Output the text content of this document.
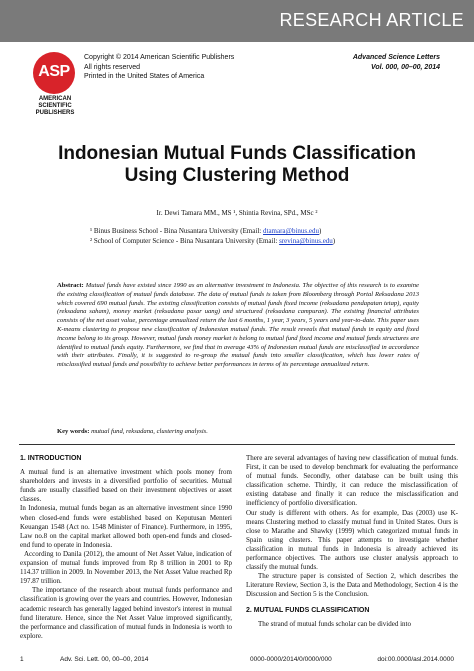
RESEARCH ARTICLE
ASP
AMERICAN
SCIENTIFIC
PUBLISHERS
Copyright © 2014 American Scientific Publishers
All rights reserved
Printed in the United States of America
Advanced Science Letters
Vol. 000, 00–00, 2014
Indonesian Mutual Funds Classification
Using Clustering Method
Ir. Dewi Tamara MM., MS ¹, Shintia Revina, SPd., MSc ²
¹ Binus Business School - Bina Nusantara University (Email: dtamara@binus.edu)
² School of Computer Science - Bina Nusantara University (Email: srevina@binus.edu)
Abstract: Mutual funds have existed since 1990 as an alternative investment in Indonesia. The objective of this research is to examine the existing classification of mutual funds database. The data of mutual funds is taken from Bloomberg through Portal Reksadana 2013 which covered 690 mutual funds. The existing classification consists of mutual funds fixed income (reksadana pendapatan tetap), equity (reksadana saham), money market (reksadana pasar uang) and structured (reksadana campuran). The existing financial attributes consists of the net asset value, percentage annualized return the last 6 months, 1 year, 3 years, 5 years and year-to-date. This paper uses K-means clustering to propose new classification of Indonesian mutual funds. The result reveals that mutual funds in equity and fixed income belong to its group. However, mutual funds money market is belong to mutual fund fixed income and mutual funds structures are identified to mutual funds equity. Furthermore, we find that in average 43% of Indonesian mutual funds are misclassified in accordance with their attributes. Finally, it is suggested to re-group the mutual funds into smaller classification, which has lower rates of misclassified mutual funds and possibility to achieve better performances in terms of its percentage annualized return.
Key words: mutual fund, reksadana, clustering analysis.
1. INTRODUCTION

A mutual fund is an alternative investment which pools money from shareholders and invests in a diversified portfolio of securities. Mutual funds are usually classified based on their investment objectives or asset classes.

In Indonesia, mutual funds began as an alternative investment since 1990 when closed-end funds were established based on Keputusan Menteri Keuangan 1548 (Act no. 1548 Minister of Finance). Furthermore, in 1995, Law no.8 on the capital market allowed both open-end funds and closed-end fund to operate in Indonesia.

According to Danila (2012), the amount of Net Asset Value, indication of expansion of mutual funds improved from Rp 8 trillion in 2001 to Rp 114.37 trillion in 2009. In November 2013, the Net Asset Value reached Rp 197.87 trillion.

The importance of the research about mutual funds performance and classification is growing over the years and countries. However, Indonesian academic research has generally lagged behind investor's interest in mutual fund literature. Hence, since the Net Asset Value improved significantly, the performance and classification of mutual funds in Indonesia is worth to explore.

There are several advantages of having new classification of mutual funds. First, it can be used to develop benchmark for evaluating the performance of mutual funds. Secondly, other database can be built using this classification scheme. Thirdly, it can reduce the misclassification of existing database and finally it can reduce the misclassification and inefficiency of portfolio diversification.

Our study is different with others. As for example, Das (2003) use K-means Clustering method to classify mutual fund in United States. Ours is close to Marathe and Shawky (1999) which categorized mutual funds in Spain using clusters. This paper attempts to investigate whether classification in mutual funds in Indonesia is already achieved its performance objectives. The authors use cluster analysis approach to classify the mutual funds.

The structure paper is consisted of Section 2, which describes the Literature Review, Section 3, is the Data and Methodology, Section 4 is the Discussion and Section 5 is the Conclusion.

2. MUTUAL FUNDS CLASSIFICATION

The strand of mutual funds scholar can be divided into

1	Adv. Sci. Lett. 00, 00–00, 2014	0000-0000/2014/0/0000/000	doi:00.0000/asl.2014.0000
